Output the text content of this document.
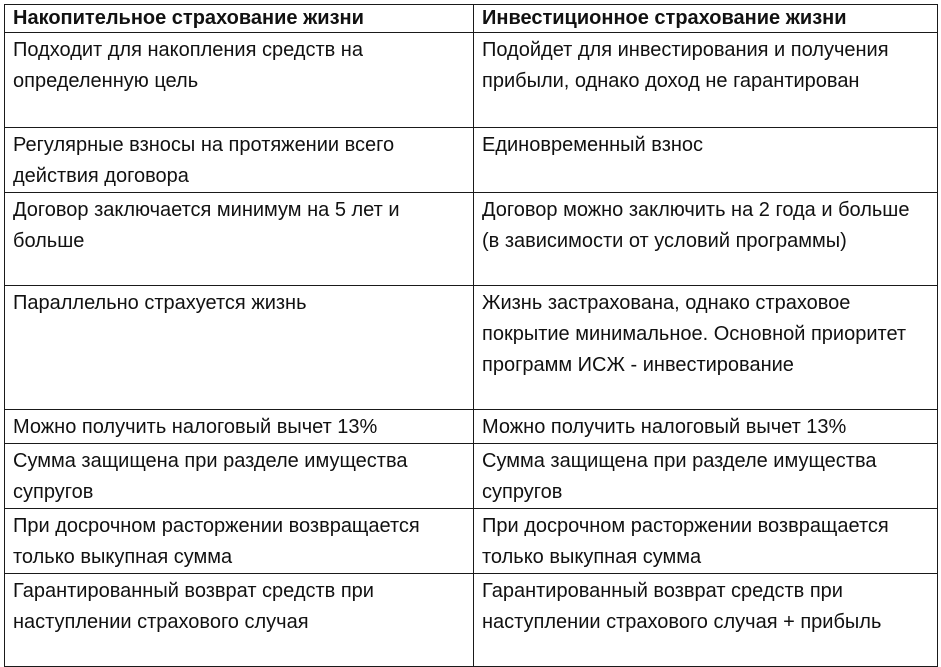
Накопительное страхование жизни	Инвестиционное страхование жизни
Подходит для накопления средств на определенную цель	Подойдет для инвестирования и получения прибыли, однако доход не гарантирован
Регулярные взносы на протяжении всего действия договора	Единовременный взнос
Договор заключается минимум на 5 лет и больше	Договор можно заключить на 2 года и больше (в зависимости от условий программы)
Параллельно страхуется жизнь	Жизнь застрахована, однако страховое покрытие минимальное. Основной приоритет программ ИСЖ - инвестирование
Можно получить налоговый вычет 13%	Можно получить налоговый вычет 13%
Сумма защищена при разделе имущества супругов	Сумма защищена при разделе имущества супругов
При досрочном расторжении возвращается только выкупная сумма	При досрочном расторжении возвращается только выкупная сумма
Гарантированный возврат средств при наступлении страхового случая	Гарантированный возврат средств при наступлении страхового случая + прибыль
